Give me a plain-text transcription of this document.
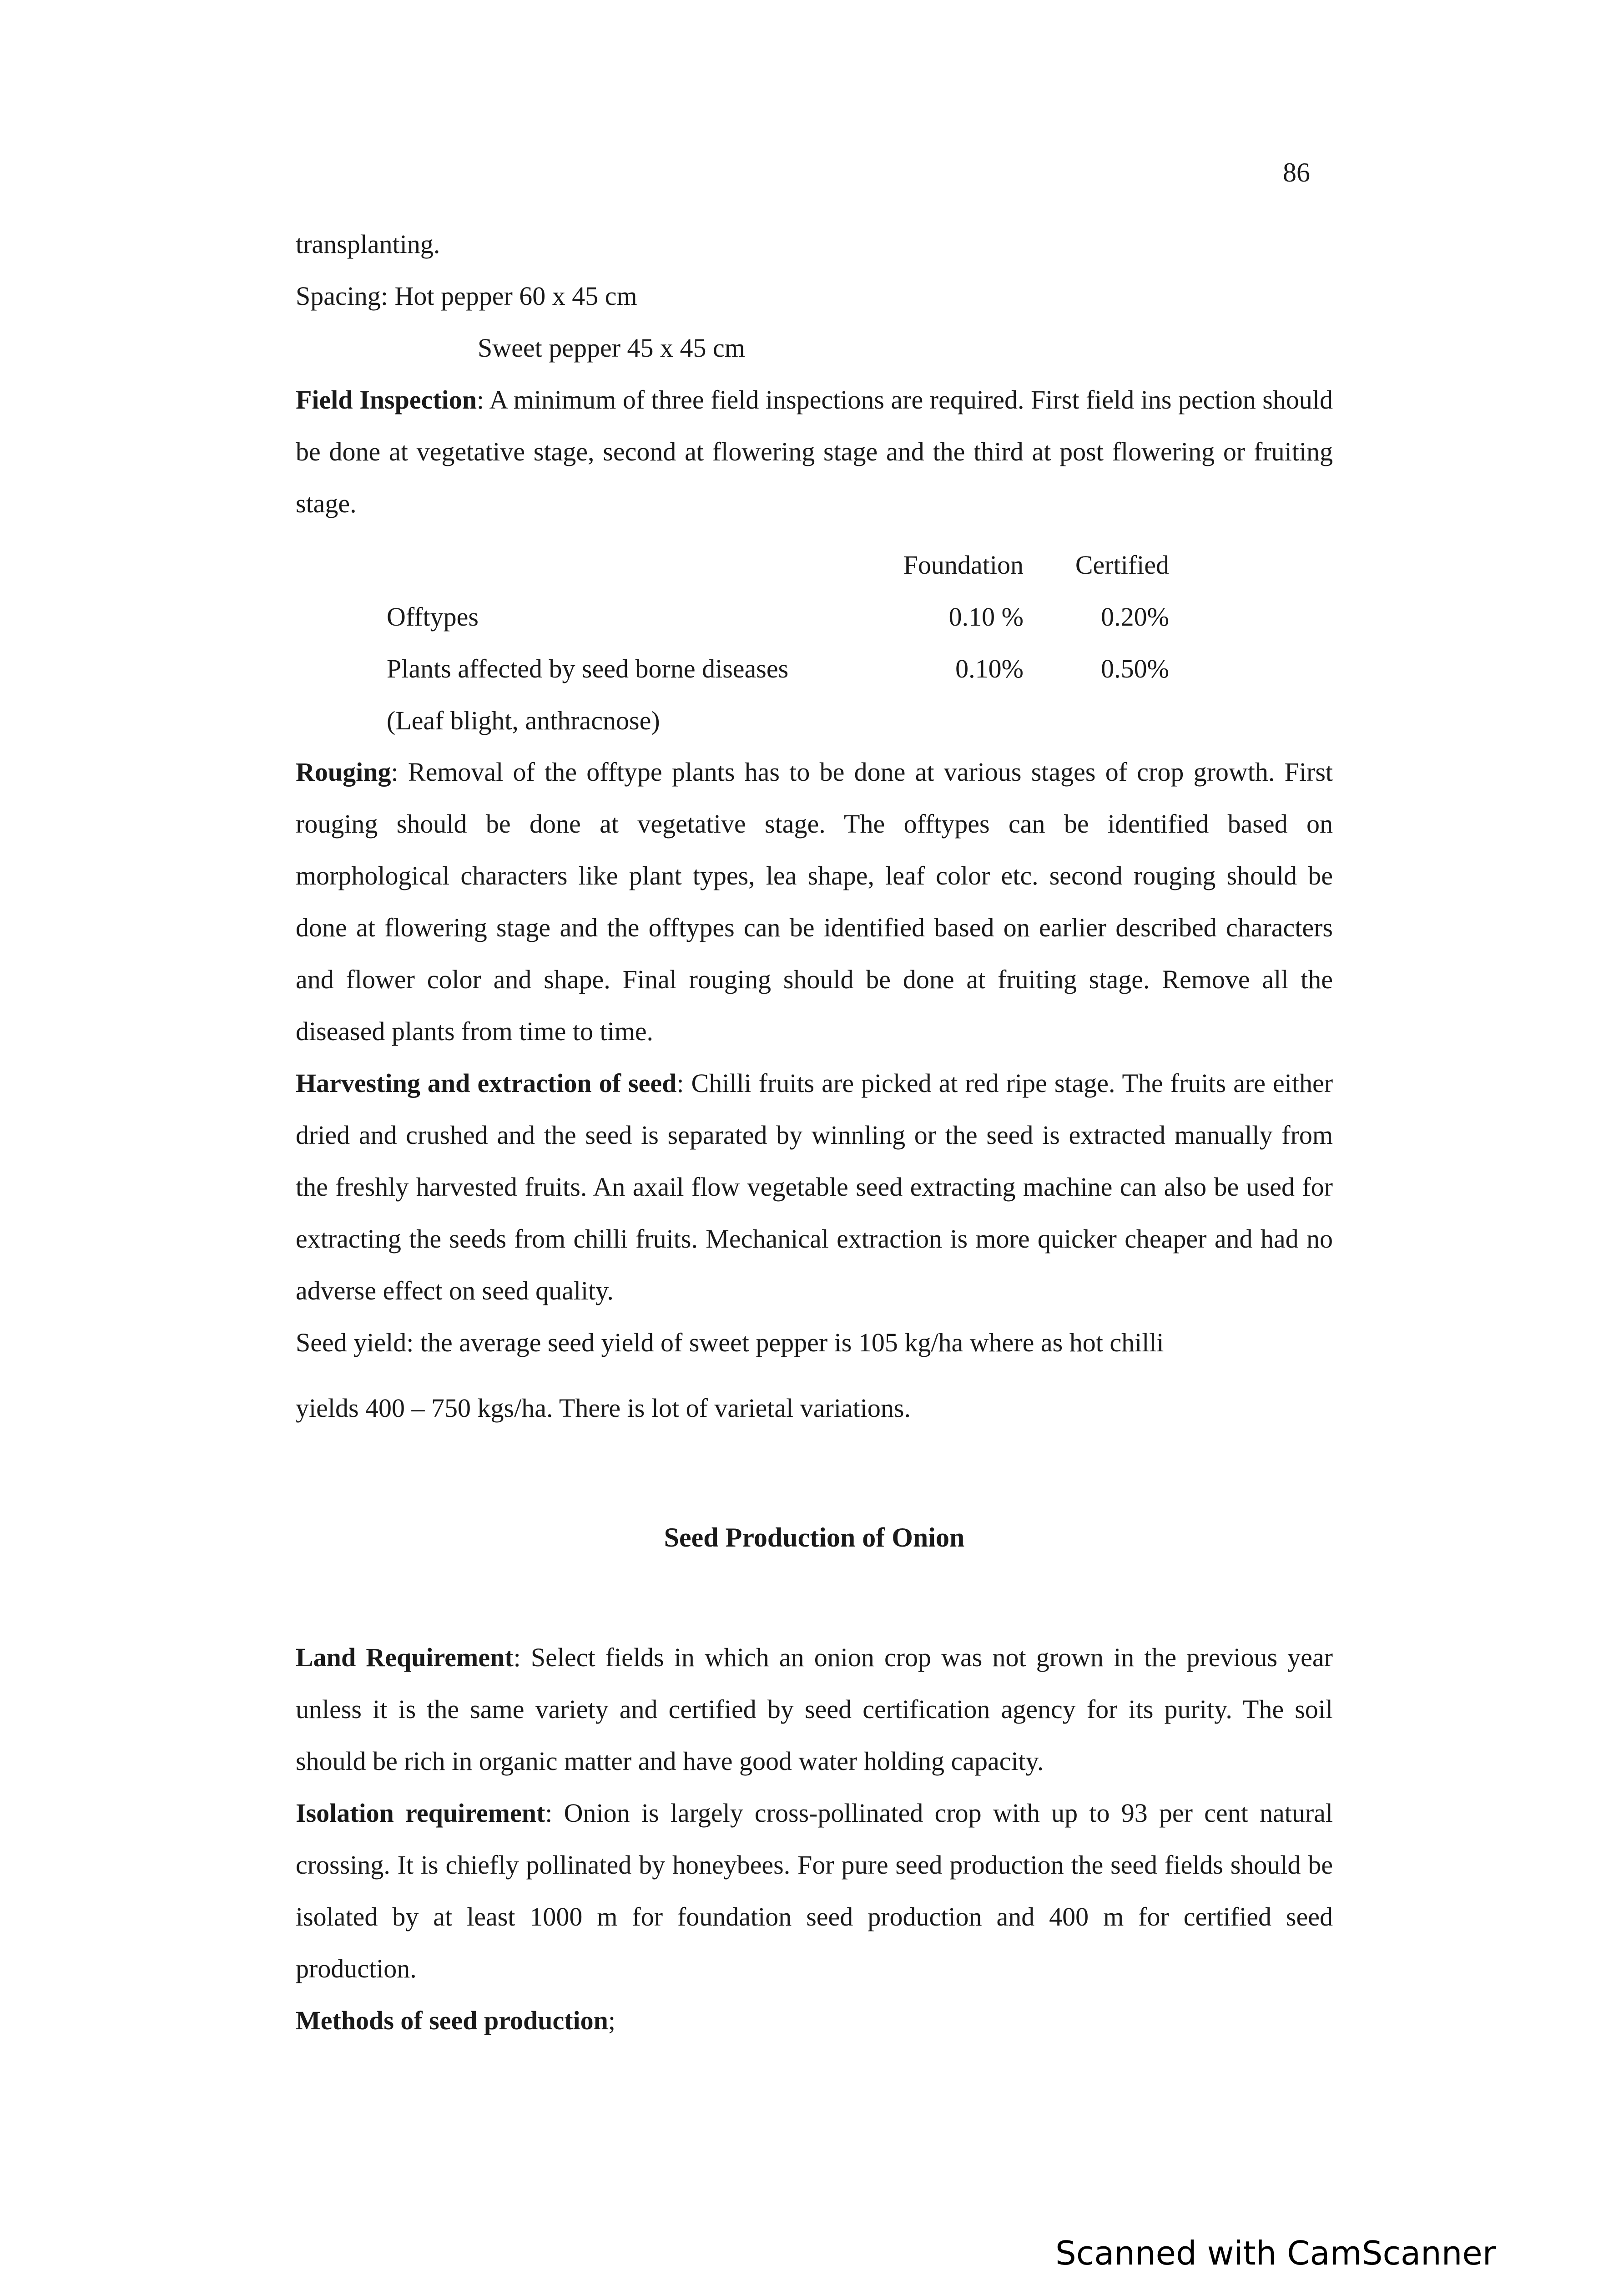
86

transplanting.

Spacing: Hot pepper 60 x 45 cm

Sweet pepper 45 x 45 cm

Field Inspection: A minimum of three field inspections are required. First field ins pection should be done at vegetative stage, second at flowering stage and the third at post flowering or fruiting stage.

	Foundation	Certified
Offtypes	0.10 %	0.20%
Plants affected by seed borne diseases	0.10%	0.50%
(Leaf blight, anthracnose)		

Rouging: Removal of the offtype plants has to be done at various stages of crop growth. First rouging should be done at vegetative stage. The offtypes can be identified based on morphological characters like plant types, lea shape, leaf color etc. second rouging should be done at flowering stage and the offtypes can be identified based on earlier described characters and flower color and shape. Final rouging should be done at fruiting stage. Remove all the diseased plants from time to time.

Harvesting and extraction of seed: Chilli fruits are picked at red ripe stage. The fruits are either dried and crushed and the seed is separated by winnling or the seed is extracted manually from the freshly harvested fruits. An axail flow vegetable seed extracting machine can also be used for extracting the seeds from chilli fruits. Mechanical extraction is more quicker cheaper and had no adverse effect on seed quality.

Seed yield: the average seed yield of sweet pepper is 105 kg/ha where as hot chilli

yields 400 – 750 kgs/ha. There is lot of varietal variations.

Seed Production of Onion

Land Requirement: Select fields in which an onion crop was not grown in the previous year unless it is the same variety and certified by seed certification agency for its purity. The soil should be rich in organic matter and have good water holding capacity.

Isolation requirement: Onion is largely cross-pollinated crop with up to 93 per cent natural crossing. It is chiefly pollinated by honeybees. For pure seed production the seed fields should be isolated by at least 1000 m for foundation seed production and 400 m for certified seed production.

Methods of seed production;

Scanned with CamScanner
